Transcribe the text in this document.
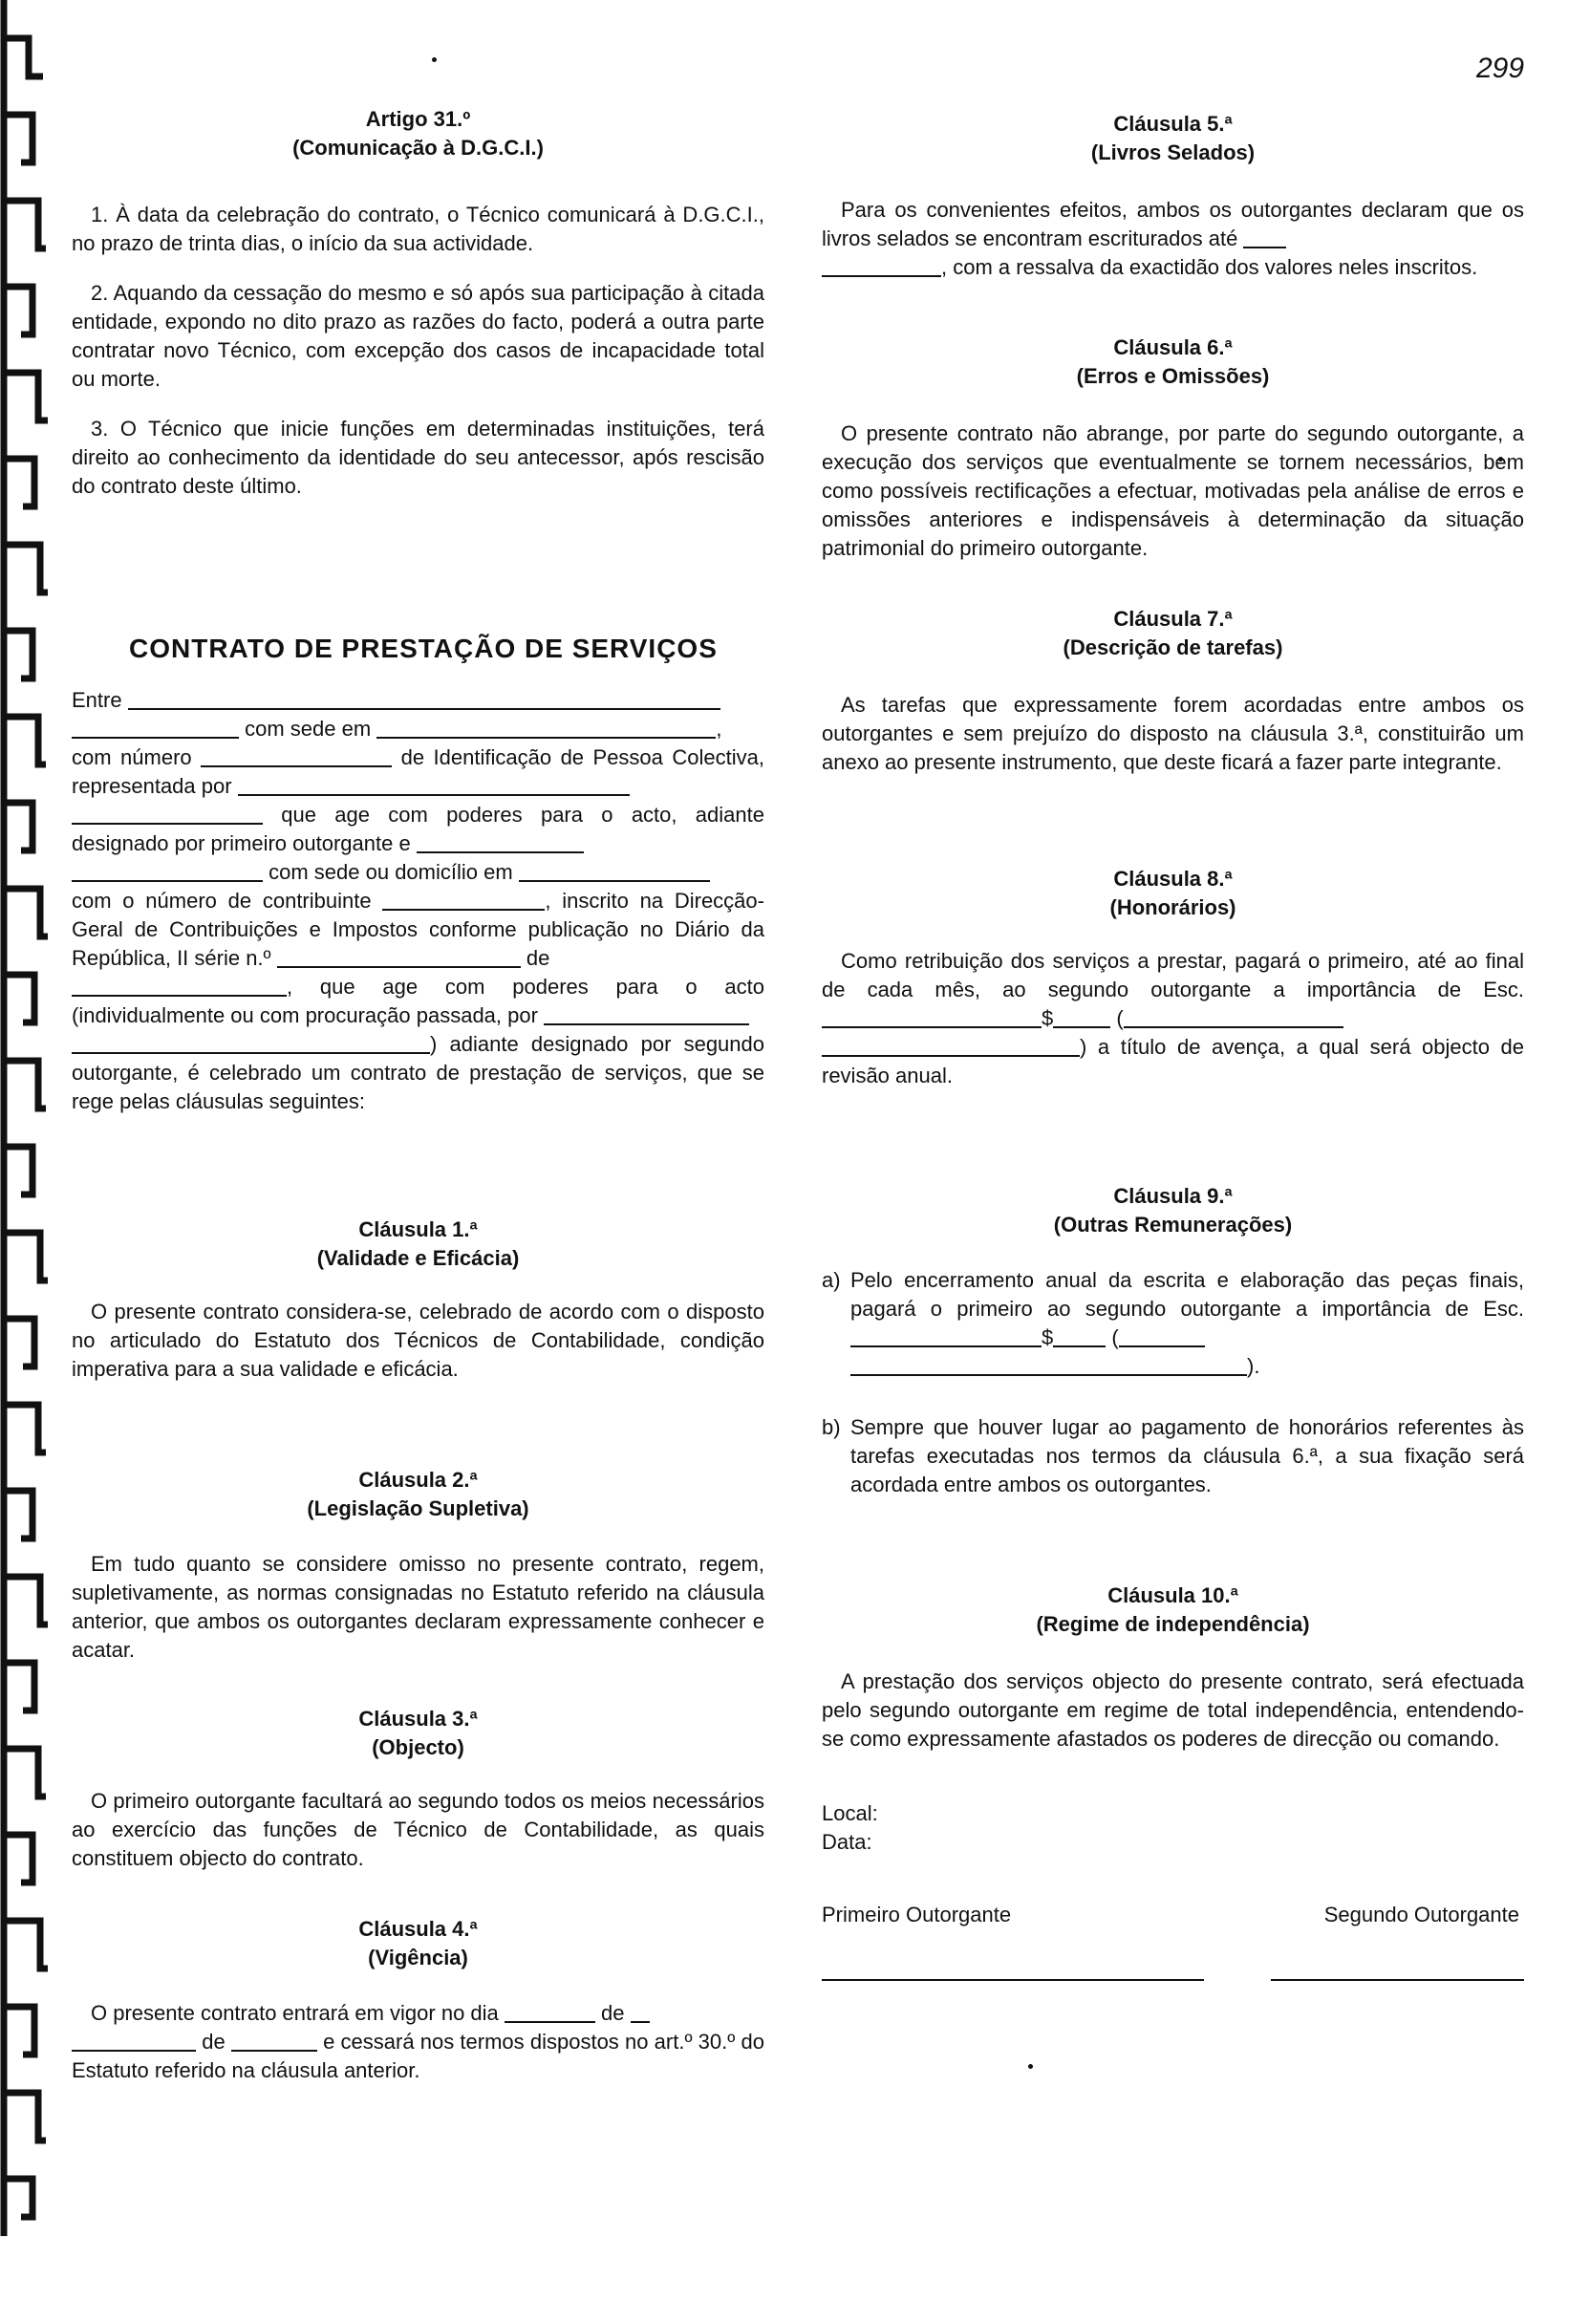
299
Artigo 31.º
(Comunicação à D.G.C.I.)

1. À data da celebração do contrato, o Técnico comunicará à D.G.C.I., no prazo de trinta dias, o início da sua actividade.

2. Aquando da cessação do mesmo e só após sua participação à citada entidade, expondo no dito prazo as razões do facto, poderá a outra parte contratar novo Técnico, com excepção dos casos de incapacidade total ou morte.

3. O Técnico que inicie funções em determinadas instituições, terá direito ao conhecimento da identidade do seu antecessor, após rescisão do contrato deste último.

CONTRATO DE PRESTAÇÃO DE SERVIÇOS

Entre
com sede em	,
com número	de Identificação de Pessoa Colectiva, representada por
que age com poderes para o acto, adiante designado por primeiro outorgante e
com sede ou domicílio em
com o número de contribuinte	, inscrito na Direcção-Geral de Contribuições e Impostos conforme publicação no Diário da República, II série n.º	de
, que age com poderes para o acto (individualmente ou com procuração passada, por
) adiante designado por segundo outorgante, é celebrado um contrato de prestação de serviços, que se rege pelas cláusulas seguintes:

Cláusula 1.ª
(Validade e Eficácia)

O presente contrato considera-se, celebrado de acordo com o disposto no articulado do Estatuto dos Técnicos de Contabilidade, condição imperativa para a sua validade e eficácia.

Cláusula 2.ª
(Legislação Supletiva)

Em tudo quanto se considere omisso no presente contrato, regem, supletivamente, as normas consignadas no Estatuto referido na cláusula anterior, que ambos os outorgantes declaram expressamente conhecer e acatar.

Cláusula 3.ª
(Objecto)

O primeiro outorgante facultará ao segundo todos os meios necessários ao exercício das funções de Técnico de Contabilidade, as quais constituem objecto do contrato.

Cláusula 4.ª
(Vigência)

O presente contrato entrará em vigor no dia	de
de	e cessará nos termos dispostos no art.º 30.º do Estatuto referido na cláusula anterior.

Cláusula 5.ª
(Livros Selados)

Para os convenientes efeitos, ambos os outorgantes declaram que os livros selados se encontram escriturados até
, com a ressalva da exactidão dos valores neles inscritos.

Cláusula 6.ª
(Erros e Omissões)

O presente contrato não abrange, por parte do segundo outorgante, a execução dos serviços que eventualmente se tornem necessários, bem como possíveis rectificações a efectuar, motivadas pela análise de erros e omissões anteriores e indispensáveis à determinação da situação patrimonial do primeiro outorgante.

Cláusula 7.ª
(Descrição de tarefas)

As tarefas que expressamente forem acordadas entre ambos os outorgantes e sem prejuízo do disposto na cláusula 3.ª, constituirão um anexo ao presente instrumento, que deste ficará a fazer parte integrante.

Cláusula 8.ª
(Honorários)

Como retribuição dos serviços a prestar, pagará o primeiro, até ao final de cada mês, ao segundo outorgante a importância de Esc. $	(
) a título de avença, a qual será objecto de revisão anual.

Cláusula 9.ª
(Outras Remunerações)
a) Pelo encerramento anual da escrita e elaboração das peças finais, pagará o primeiro ao segundo outorgante a importância de Esc. $	(
).
b) Sempre que houver lugar ao pagamento de honorários referentes às tarefas executadas nos termos da cláusula 6.ª, a sua fixação será acordada entre ambos os outorgantes.
Cláusula 10.ª
(Regime de independência)

A prestação dos serviços objecto do presente contrato, será efectuada pelo segundo outorgante em regime de total independência, entendendo-se como expressamente afastados os poderes de direcção ou comando.

Local:
Data:
Primeiro Outorgante	Segundo Outorgante
